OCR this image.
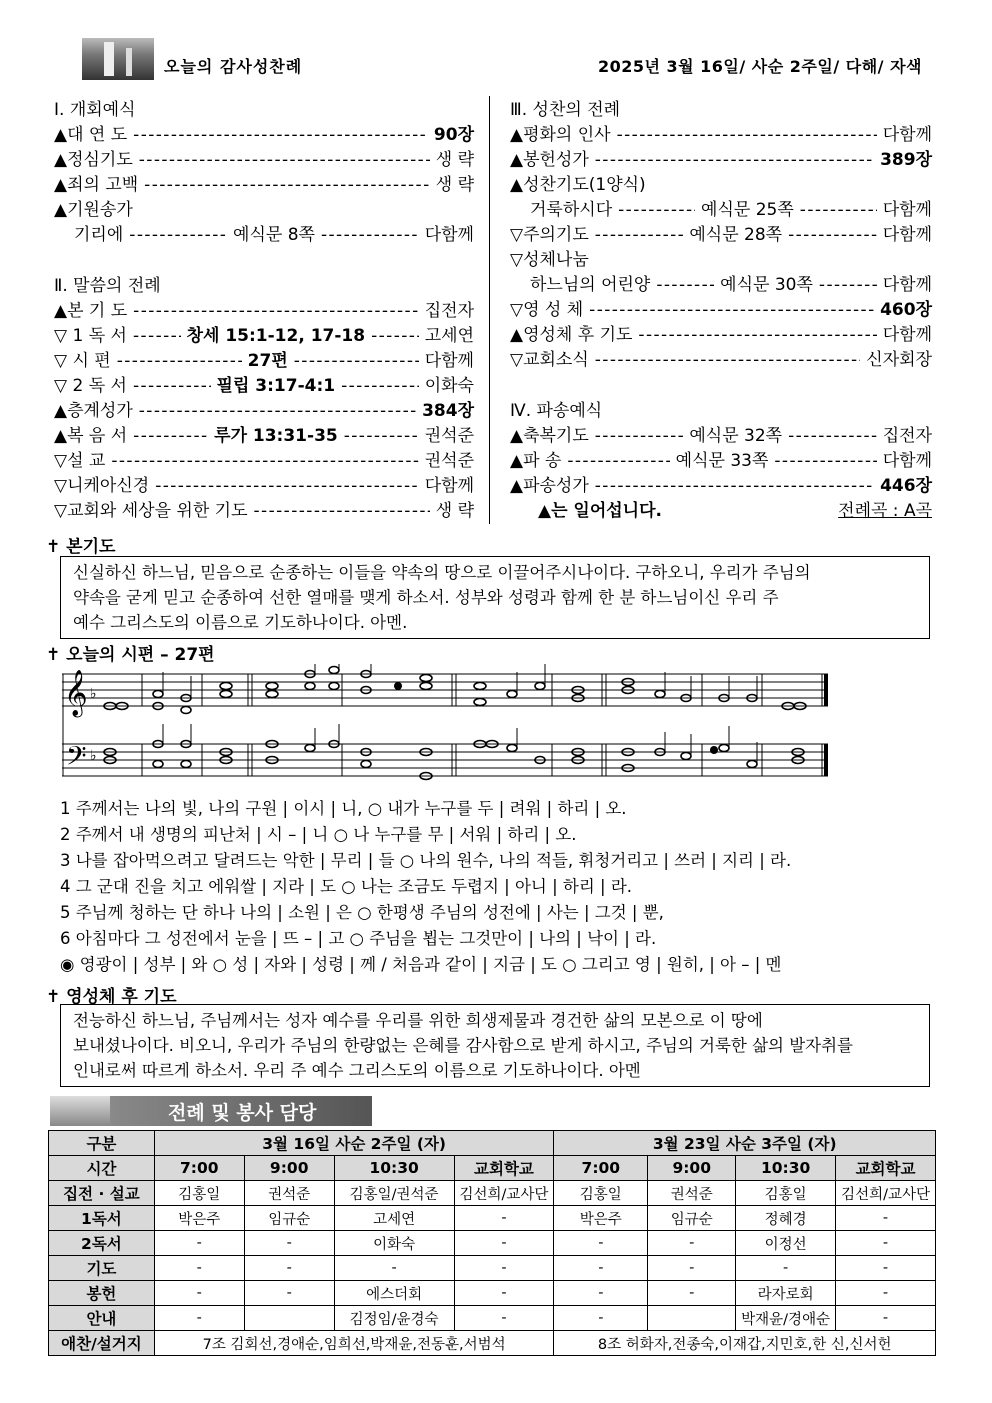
오늘의 감사성찬례	2025년 3월 16일/ 사순 2주일/ 다해/ 자색
Ⅰ. 개회예식
▲대 연 도 - - -	90장
▲정심기도 - - -	생 략
▲죄의 고백 - - -	생 략
▲기원송가
기리에 - - -	예식문 8쪽 - - -	다함께
Ⅱ. 말씀의 전례
▲본 기 도 - - -	집전자
▽ 1 독 서 - - -	창세 15:1-12, 17-18 - - -	고세연
▽ 시 편 - - -	27편 - - -	다함께
▽ 2 독 서 - - -	필립 3:17-4:1 - - -	이화숙
▲층계성가 - - -	384장
▲복 음 서 - - -	루가 13:31-35 - - -	권석준
▽설 교 - - -	권석준
▽니케아신경 - - -	다함께
▽교회와 세상을 위한 기도 - - -	생 략
Ⅲ. 성찬의 전례
▲평화의 인사 - - -	다함께
▲봉헌성가 - - -	389장
▲성찬기도(1양식)
거룩하시다 - - -	예식문 25쪽 - - -	다함께
▽주의기도 - - -	예식문 28쪽 - - -	다함께
▽성체나눔
하느님의 어린양 - - -	예식문 30쪽 - - -	다함께
▽영 성 체 - - -	460장
▲영성체 후 기도 - - -	다함께
▽교회소식 - - -	신자회장
Ⅳ. 파송예식
▲축복기도 - - -	예식문 32쪽 - - -	집전자
▲파 송 - - -	예식문 33쪽 - - -	다함께
▲파송성가 - - -	446장
▲는 일어섭니다.	전례곡 : A곡
✝ 본기도
신실하신 하느님, 믿음으로 순종하는 이들을 약속의 땅으로 이끌어주시나이다. 구하오니, 우리가 주님의
약속을 굳게 믿고 순종하여 선한 열매를 맺게 하소서. 성부와 성령과 함께 한 분 하느님이신 우리 주
예수 그리스도의 이름으로 기도하나이다. 아멘.
✝ 오늘의 시편 – 27편
𝄞 ♭
𝄢 ♭
1 주께서는 나의 빛, 나의 구원 | 이시 | 니, ○ 내가 누구를 두 | 려워 | 하리 | 오.
2 주께서 내 생명의 피난처 | 시 – | 니 ○ 나 누구를 무 | 서워 | 하리 | 오.
3 나를 잡아먹으려고 달려드는 악한 | 무리 | 들 ○ 나의 원수, 나의 적들, 휘청거리고 | 쓰러 | 지리 | 라.
4 그 군대 진을 치고 에워쌀 | 지라 | 도 ○ 나는 조금도 두렵지 | 아니 | 하리 | 라.
5 주님께 청하는 단 하나 나의 | 소원 | 은 ○ 한평생 주님의 성전에 | 사는 | 그것 | 뿐,
6 아침마다 그 성전에서 눈을 | 뜨 – | 고 ○ 주님을 뵙는 그것만이 | 나의 | 낙이 | 라.
◉ 영광이 | 성부 | 와 ○ 성 | 자와 | 성령 | 께 / 처음과 같이 | 지금 | 도 ○ 그리고 영 | 원히, | 아 – | 멘
✝ 영성체 후 기도
전능하신 하느님, 주님께서는 성자 예수를 우리를 위한 희생제물과 경건한 삶의 모본으로 이 땅에
보내셨나이다. 비오니, 우리가 주님의 한량없는 은혜를 감사함으로 받게 하시고, 주님의 거룩한 삶의 발자취를
인내로써 따르게 하소서. 우리 주 예수 그리스도의 이름으로 기도하나이다. 아멘
전례 및 봉사 담당
구분	3월 16일 사순 2주일 (자)				3월 23일 사순 3주일 (자)			
시간	7:00	9:00	10:30	교회학교	7:00	9:00	10:30	교회학교
집전 · 설교	김홍일	권석준	김홍일/권석준	김선희/교사단	김홍일	권석준	김홍일	김선희/교사단
1독서	박은주	임규순	고세연	-	박은주	임규순	정혜경	-
2독서	-	-	이화숙	-	-	-	이정선	-
기도	-	-	-	-	-	-	-	-
봉헌	-	-	에스더회	-	-	-	라자로회	-
안내	-		김정임/윤경숙	-	-		박재윤/경애순	-
애찬/설거지	7조 김회선,경애순,임희선,박재윤,전동훈,서범석				8조 허화자,전종숙,이재갑,지민호,한 신,신서헌			
